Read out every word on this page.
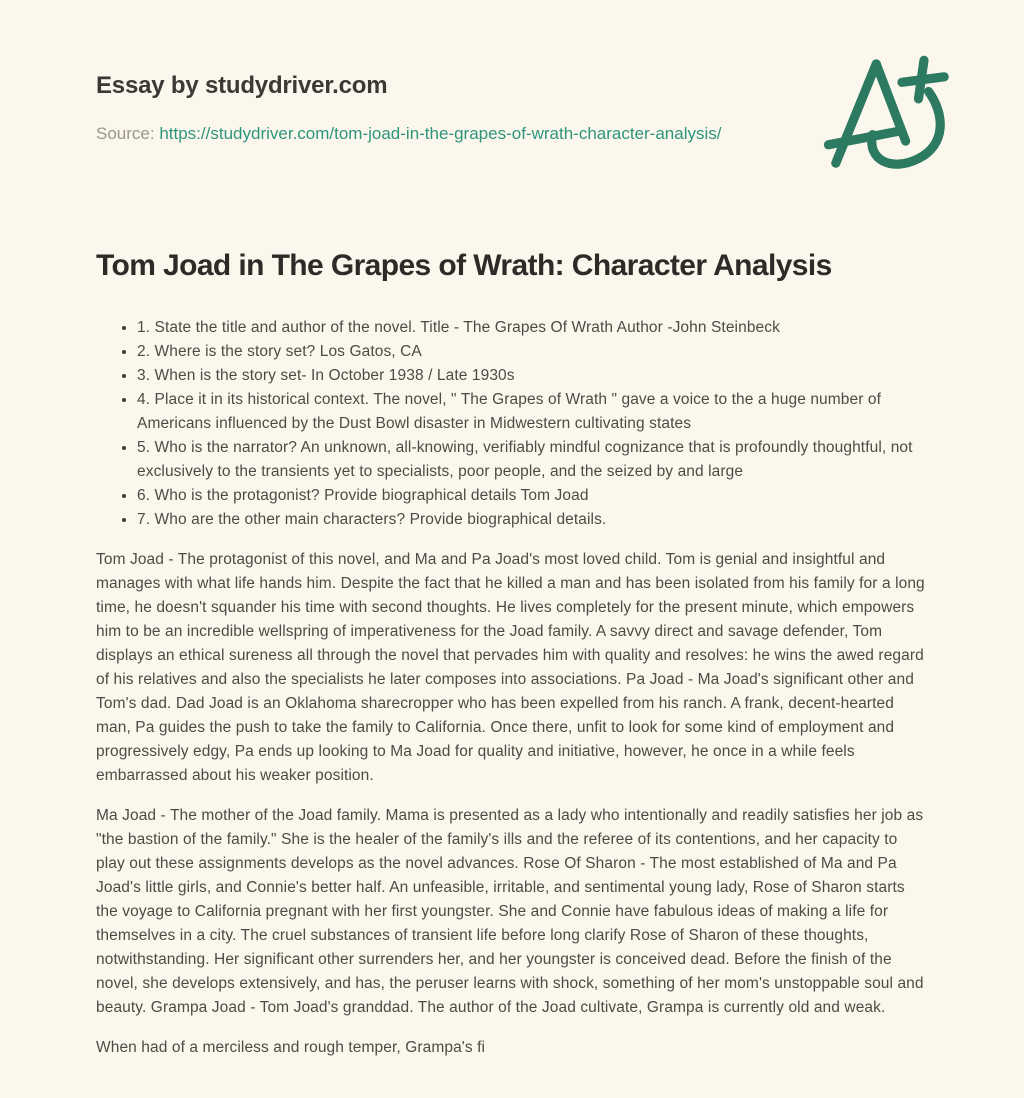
Essay by studydriver.com

Source: https://studydriver.com/tom-joad-in-the-grapes-of-wrath-character-analysis/

Tom Joad in The Grapes of Wrath: Character Analysis
• 1. State the title and author of the novel. Title - The Grapes Of Wrath Author -John Steinbeck
• 2. Where is the story set? Los Gatos, CA
• 3. When is the story set- In October 1938 / Late 1930s
• 4. Place it in its historical context. The novel, " The Grapes of Wrath " gave a voice to the a huge number of Americans influenced by the Dust Bowl disaster in Midwestern cultivating states
• 5. Who is the narrator? An unknown, all-knowing, verifiably mindful cognizance that is profoundly thoughtful, not exclusively to the transients yet to specialists, poor people, and the seized by and large
• 6. Who is the protagonist? Provide biographical details Tom Joad
• 7. Who are the other main characters? Provide biographical details.

Tom Joad - The protagonist of this novel, and Ma and Pa Joad's most loved child. Tom is genial and insightful and manages with what life hands him. Despite the fact that he killed a man and has been isolated from his family for a long time, he doesn't squander his time with second thoughts. He lives completely for the present minute, which empowers him to be an incredible wellspring of imperativeness for the Joad family. A savvy direct and savage defender, Tom displays an ethical sureness all through the novel that pervades him with quality and resolves: he wins the awed regard of his relatives and also the specialists he later composes into associations. Pa Joad - Ma Joad's significant other and Tom's dad. Dad Joad is an Oklahoma sharecropper who has been expelled from his ranch. A frank, decent-hearted man, Pa guides the push to take the family to California. Once there, unfit to look for some kind of employment and progressively edgy, Pa ends up looking to Ma Joad for quality and initiative, however, he once in a while feels embarrassed about his weaker position.

Ma Joad - The mother of the Joad family. Mama is presented as a lady who intentionally and readily satisfies her job as "the bastion of the family." She is the healer of the family's ills and the referee of its contentions, and her capacity to play out these assignments develops as the novel advances. Rose Of Sharon - The most established of Ma and Pa Joad's little girls, and Connie's better half. An unfeasible, irritable, and sentimental young lady, Rose of Sharon starts the voyage to California pregnant with her first youngster. She and Connie have fabulous ideas of making a life for themselves in a city. The cruel substances of transient life before long clarify Rose of Sharon of these thoughts, notwithstanding. Her significant other surrenders her, and her youngster is conceived dead. Before the finish of the novel, she develops extensively, and has, the peruser learns with shock, something of her mom's unstoppable soul and beauty. Grampa Joad - Tom Joad's granddad. The author of the Joad cultivate, Grampa is currently old and weak.

When had of a merciless and rough temper, Grampa's fi
